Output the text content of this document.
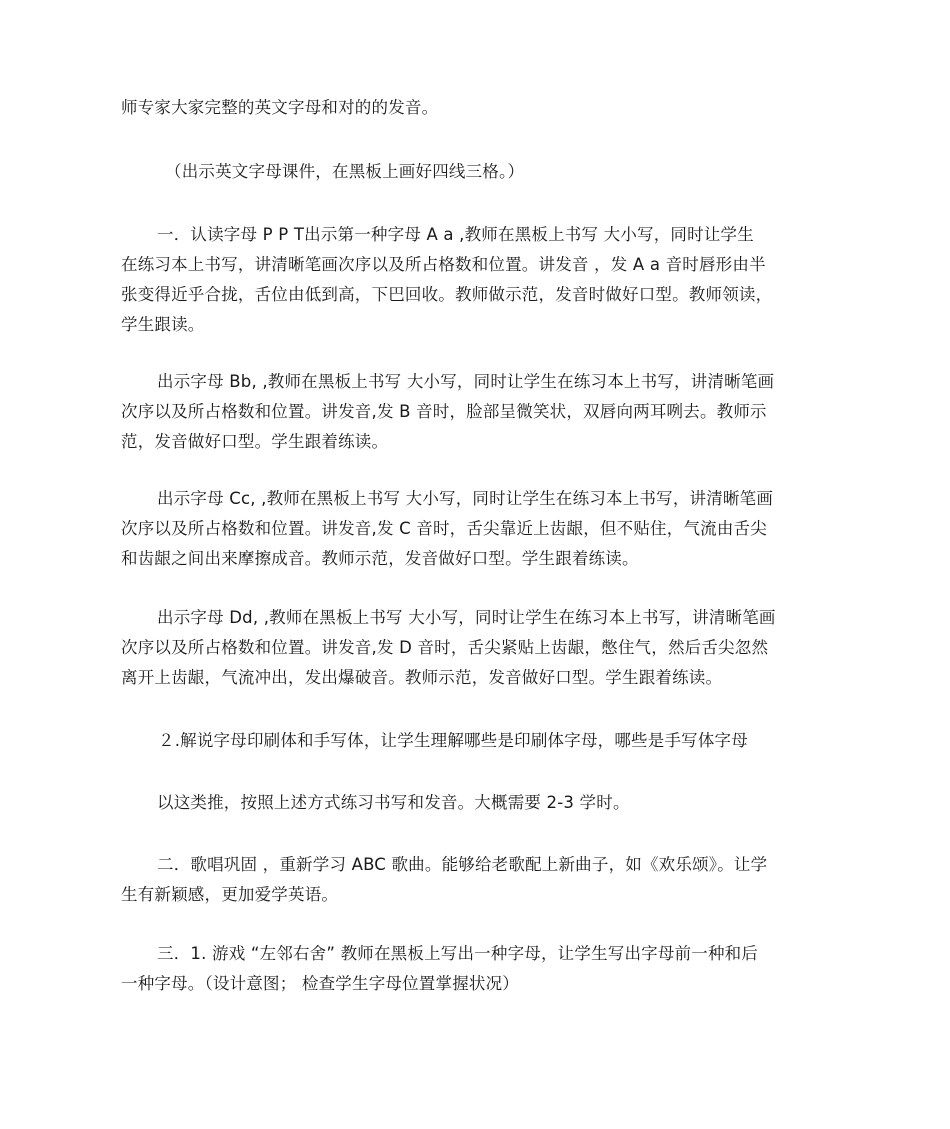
师专家大家完整的英文字母和对的的发音。

（出示英文字母课件，在黑板上画好四线三格。）

一．认读字母 P P T出示第一种字母 A a ,教师在黑板上书写 大小写，同时让学生
在练习本上书写，讲清晰笔画次序以及所占格数和位置。讲发音 ，发 A a 音时唇形由半
张变得近乎合拢，舌位由低到高，下巴回收。教师做示范，发音时做好口型。教师领读，
学生跟读。
出示字母 Bb, ,教师在黑板上书写 大小写，同时让学生在练习本上书写，讲清晰笔画
次序以及所占格数和位置。讲发音,发 B 音时，脸部呈微笑状，双唇向两耳咧去。教师示
范，发音做好口型。学生跟着练读。
出示字母 Cc, ,教师在黑板上书写 大小写，同时让学生在练习本上书写，讲清晰笔画
次序以及所占格数和位置。讲发音,发 C 音时，舌尖靠近上齿龈，但不贴住，气流由舌尖
和齿龈之间出来摩擦成音。教师示范，发音做好口型。学生跟着练读。
出示字母 Dd, ,教师在黑板上书写 大小写，同时让学生在练习本上书写，讲清晰笔画
次序以及所占格数和位置。讲发音,发 D 音时，舌尖紧贴上齿龈，憋住气，然后舌尖忽然
离开上齿龈，气流冲出，发出爆破音。教师示范，发音做好口型。学生跟着练读。

２.解说字母印刷体和手写体，让学生理解哪些是印刷体字母，哪些是手写体字母

以这类推，按照上述方式练习书写和发音。大概需要 2-3 学时。

二．歌唱巩固 ，重新学习 ABC 歌曲。能够给老歌配上新曲子，如《欢乐颂》。让学
生有新颖感，更加爱学英语。
三．1. 游戏 “左邻右舍” 教师在黑板上写出一种字母，让学生写出字母前一种和后
一种字母。（设计意图； 检查学生字母位置掌握状况）
